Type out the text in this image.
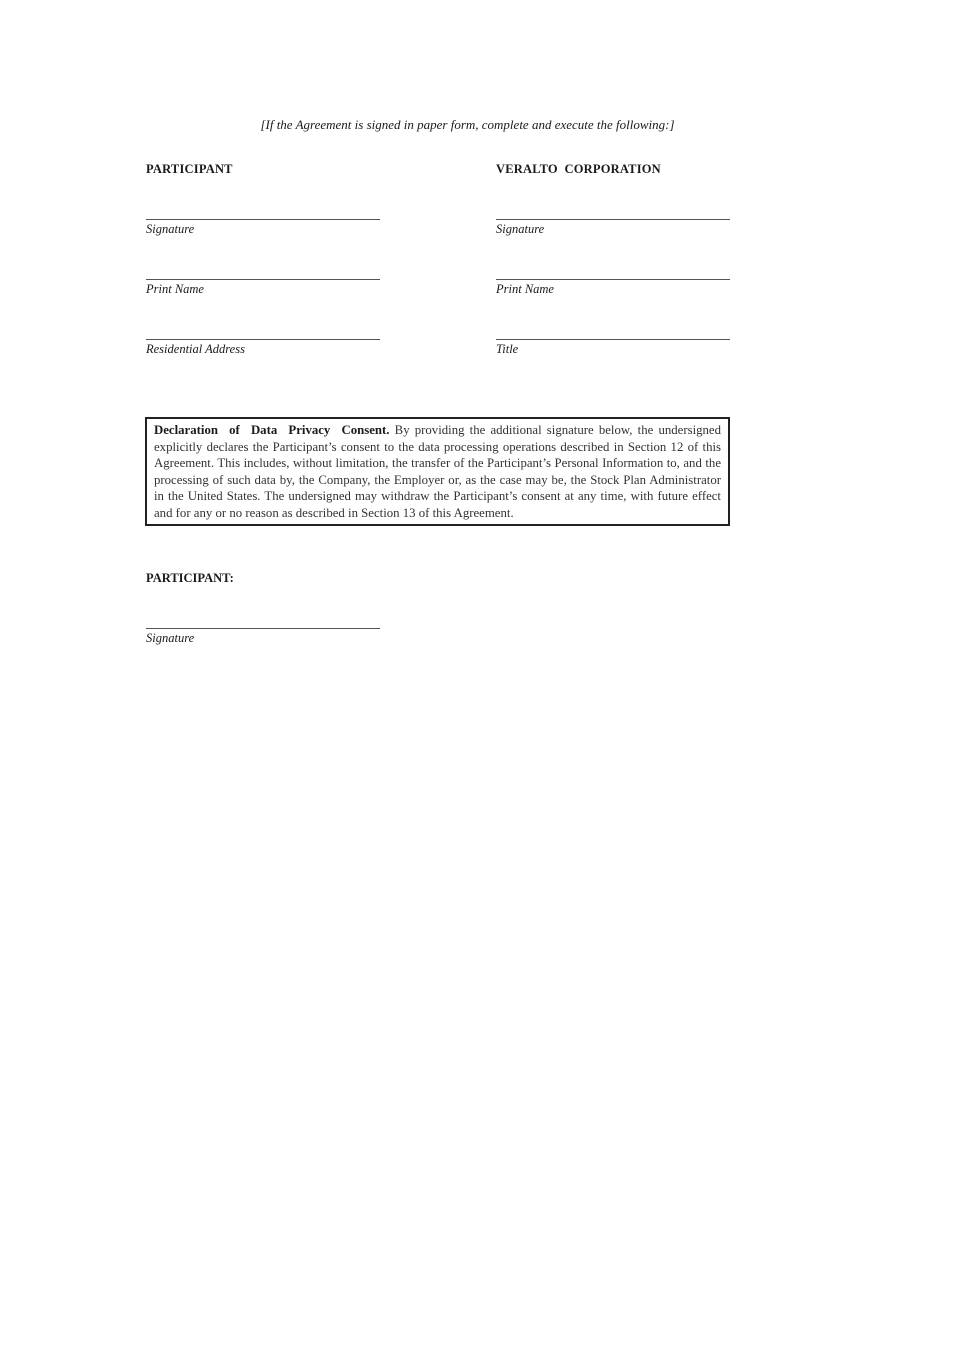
[If the Agreement is signed in paper form, complete and execute the following:]
PARTICIPANT
Signature
Print Name
Residential Address
VERALTO  CORPORATION
Signature
Print Name
Title
Declaration of Data Privacy Consent. By providing the additional signature below, the undersigned explicitly declares the Participant’s consent to the data processing operations described in Section 12 of this Agreement. This includes, without limitation, the transfer of the Participant’s Personal Information to, and the processing of such data by, the Company, the Employer or, as the case may be, the Stock Plan Administrator in the United States. The undersigned may withdraw the Participant’s consent at any time, with future effect and for any or no reason as described in Section 13 of this Agreement.
PARTICIPANT:
Signature
